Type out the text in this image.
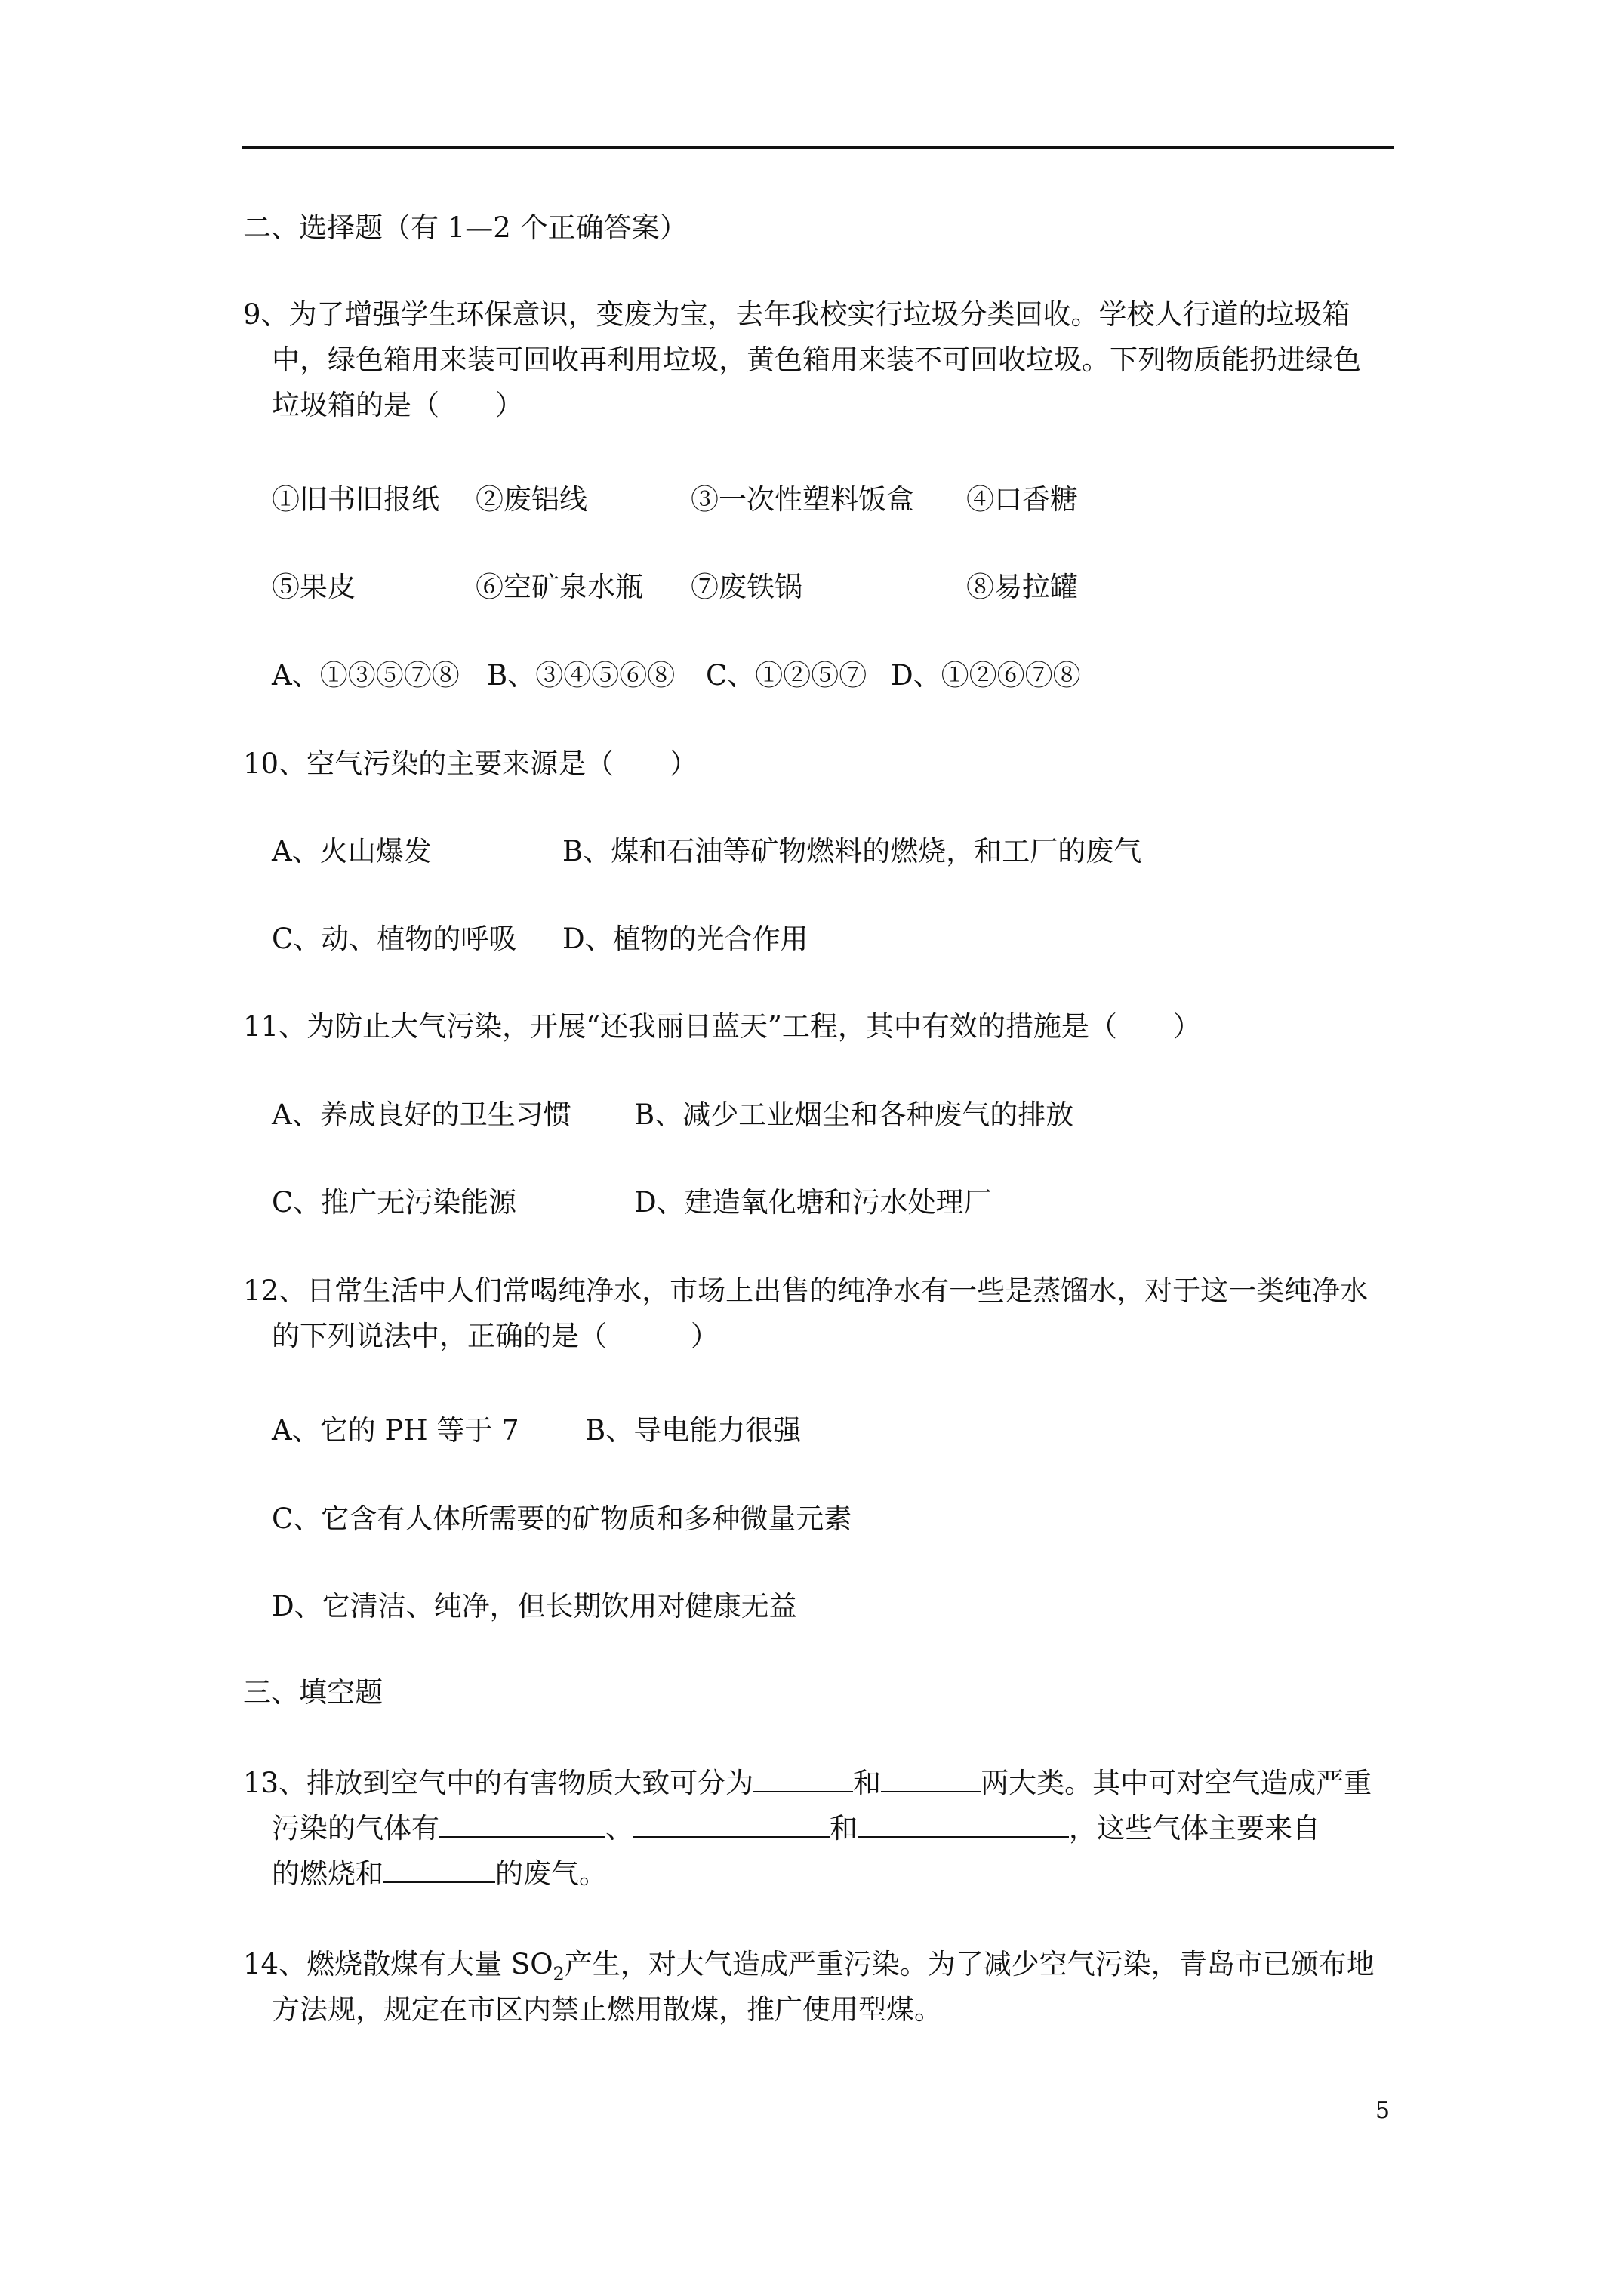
二、选择题（有 1—2 个正确答案）
9、为了增强学生环保意识，变废为宝，去年我校实行垃圾分类回收。学校人行道的垃圾箱
中，绿色箱用来装可回收再利用垃圾，黄色箱用来装不可回收垃圾。下列物质能扔进绿色
垃圾箱的是（　　）
①旧书旧报纸 ②废铝线	③一次性塑料饭盒 ④口香糖
⑤果皮	⑥空矿泉水瓶 ⑦废铁锅	⑧易拉罐
A、①③⑤⑦⑧ B、③④⑤⑥⑧ C、①②⑤⑦ D、①②⑥⑦⑧
10、空气污染的主要来源是（　　）
A、火山爆发	B、煤和石油等矿物燃料的燃烧，和工厂的废气
C、动、植物的呼吸 D、植物的光合作用
11、为防止大气污染，开展“还我丽日蓝天”工程，其中有效的措施是（　　）
A、养成良好的卫生习惯 B、减少工业烟尘和各种废气的排放
C、推广无污染能源	D、建造氧化塘和污水处理厂
12、日常生活中人们常喝纯净水，市场上出售的纯净水有一些是蒸馏水，对于这一类纯净水
的下列说法中，正确的是（　　　）
A、它的 PH 等于 7 B、导电能力很强
C、它含有人体所需要的矿物质和多种微量元素
D、它清洁、纯净，但长期饮用对健康无益
三、填空题
13、排放到空气中的有害物质大致可分为	和	两大类。其中可对空气造成严重
污染的气体有	、	和	，这些气体主要来自
的燃烧和	的废气。
14、燃烧散煤有大量 $SO_2$产生，对大气造成严重污染。为了减少空气污染，青岛市已颁布地
方法规，规定在市区内禁止燃用散煤，推广使用型煤。
5
